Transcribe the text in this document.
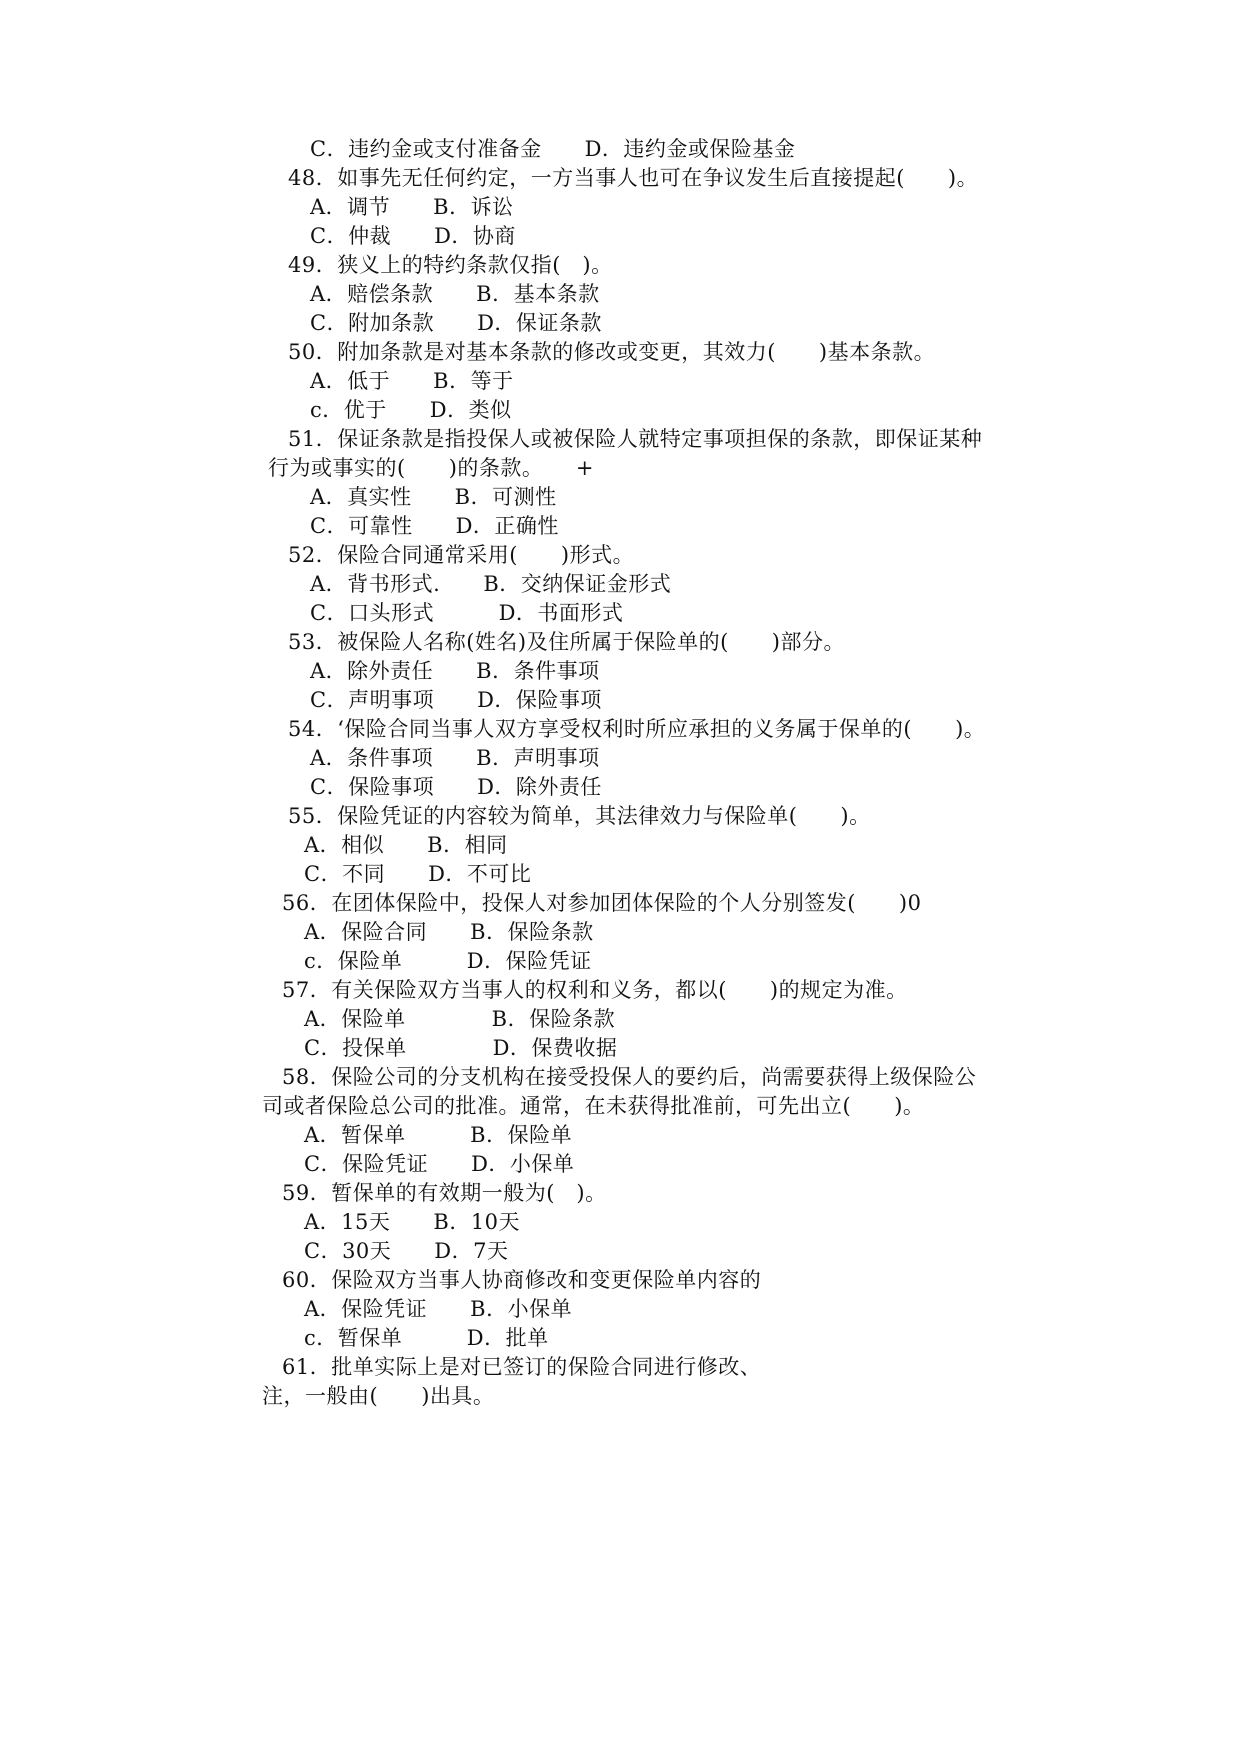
C．违约金或支付准备金　　D．违约金或保险基金
48．如事先无任何约定，一方当事人也可在争议发生后直接提起(　　)。
A．调节　　B．诉讼
C．仲裁　　D．协商
49．狭义上的特约条款仅指(　)。
A．赔偿条款　　B．基本条款
C．附加条款　　D．保证条款
50．附加条款是对基本条款的修改或变更，其效力(　　)基本条款。
A．低于　　B．等于
c．优于　　D．类似
51．保证条款是指投保人或被保险人就特定事项担保的条款，即保证某种
行为或事实的(　　)的条款。　　+
A．真实性　　B．可测性
C．可靠性　　D．正确性
52．保险合同通常采用(　　)形式。
A．背书形式.　　B．交纳保证金形式
C．口头形式　　　D．书面形式
53．被保险人名称(姓名)及住所属于保险单的(　　)部分。
A．除外责任　　B．条件事项
C．声明事项　　D．保险事项
54．‘保险合同当事人双方享受权利时所应承担的义务属于保单的(　　)。
A．条件事项　　B．声明事项
C．保险事项　　D．除外责任
55．保险凭证的内容较为简单，其法律效力与保险单(　　)。
A．相似　　B．相同
C．不同　　D．不可比
56．在团体保险中，投保人对参加团体保险的个人分别签发(　　)0
A．保险合同　　B．保险条款
c．保险单　　　D．保险凭证
57．有关保险双方当事人的权利和义务，都以(　　)的规定为准。
A．保险单　　　　B．保险条款
C．投保单　　　　D．保费收据
58．保险公司的分支机构在接受投保人的要约后，尚需要获得上级保险公
司或者保险总公司的批准。通常，在未获得批准前，可先出立(　　)。
A．暂保单　　　B．保险单
C．保险凭证　　D．小保单
59．暂保单的有效期一般为(　)。
A．15天　　B．10天
C．30天　　D．7天
60．保险双方当事人协商修改和变更保险单内容的
A．保险凭证　　B．小保单
c．暂保单　　　D．批单
61．批单实际上是对已签订的保险合同进行修改、
注，一般由(　　)出具。
